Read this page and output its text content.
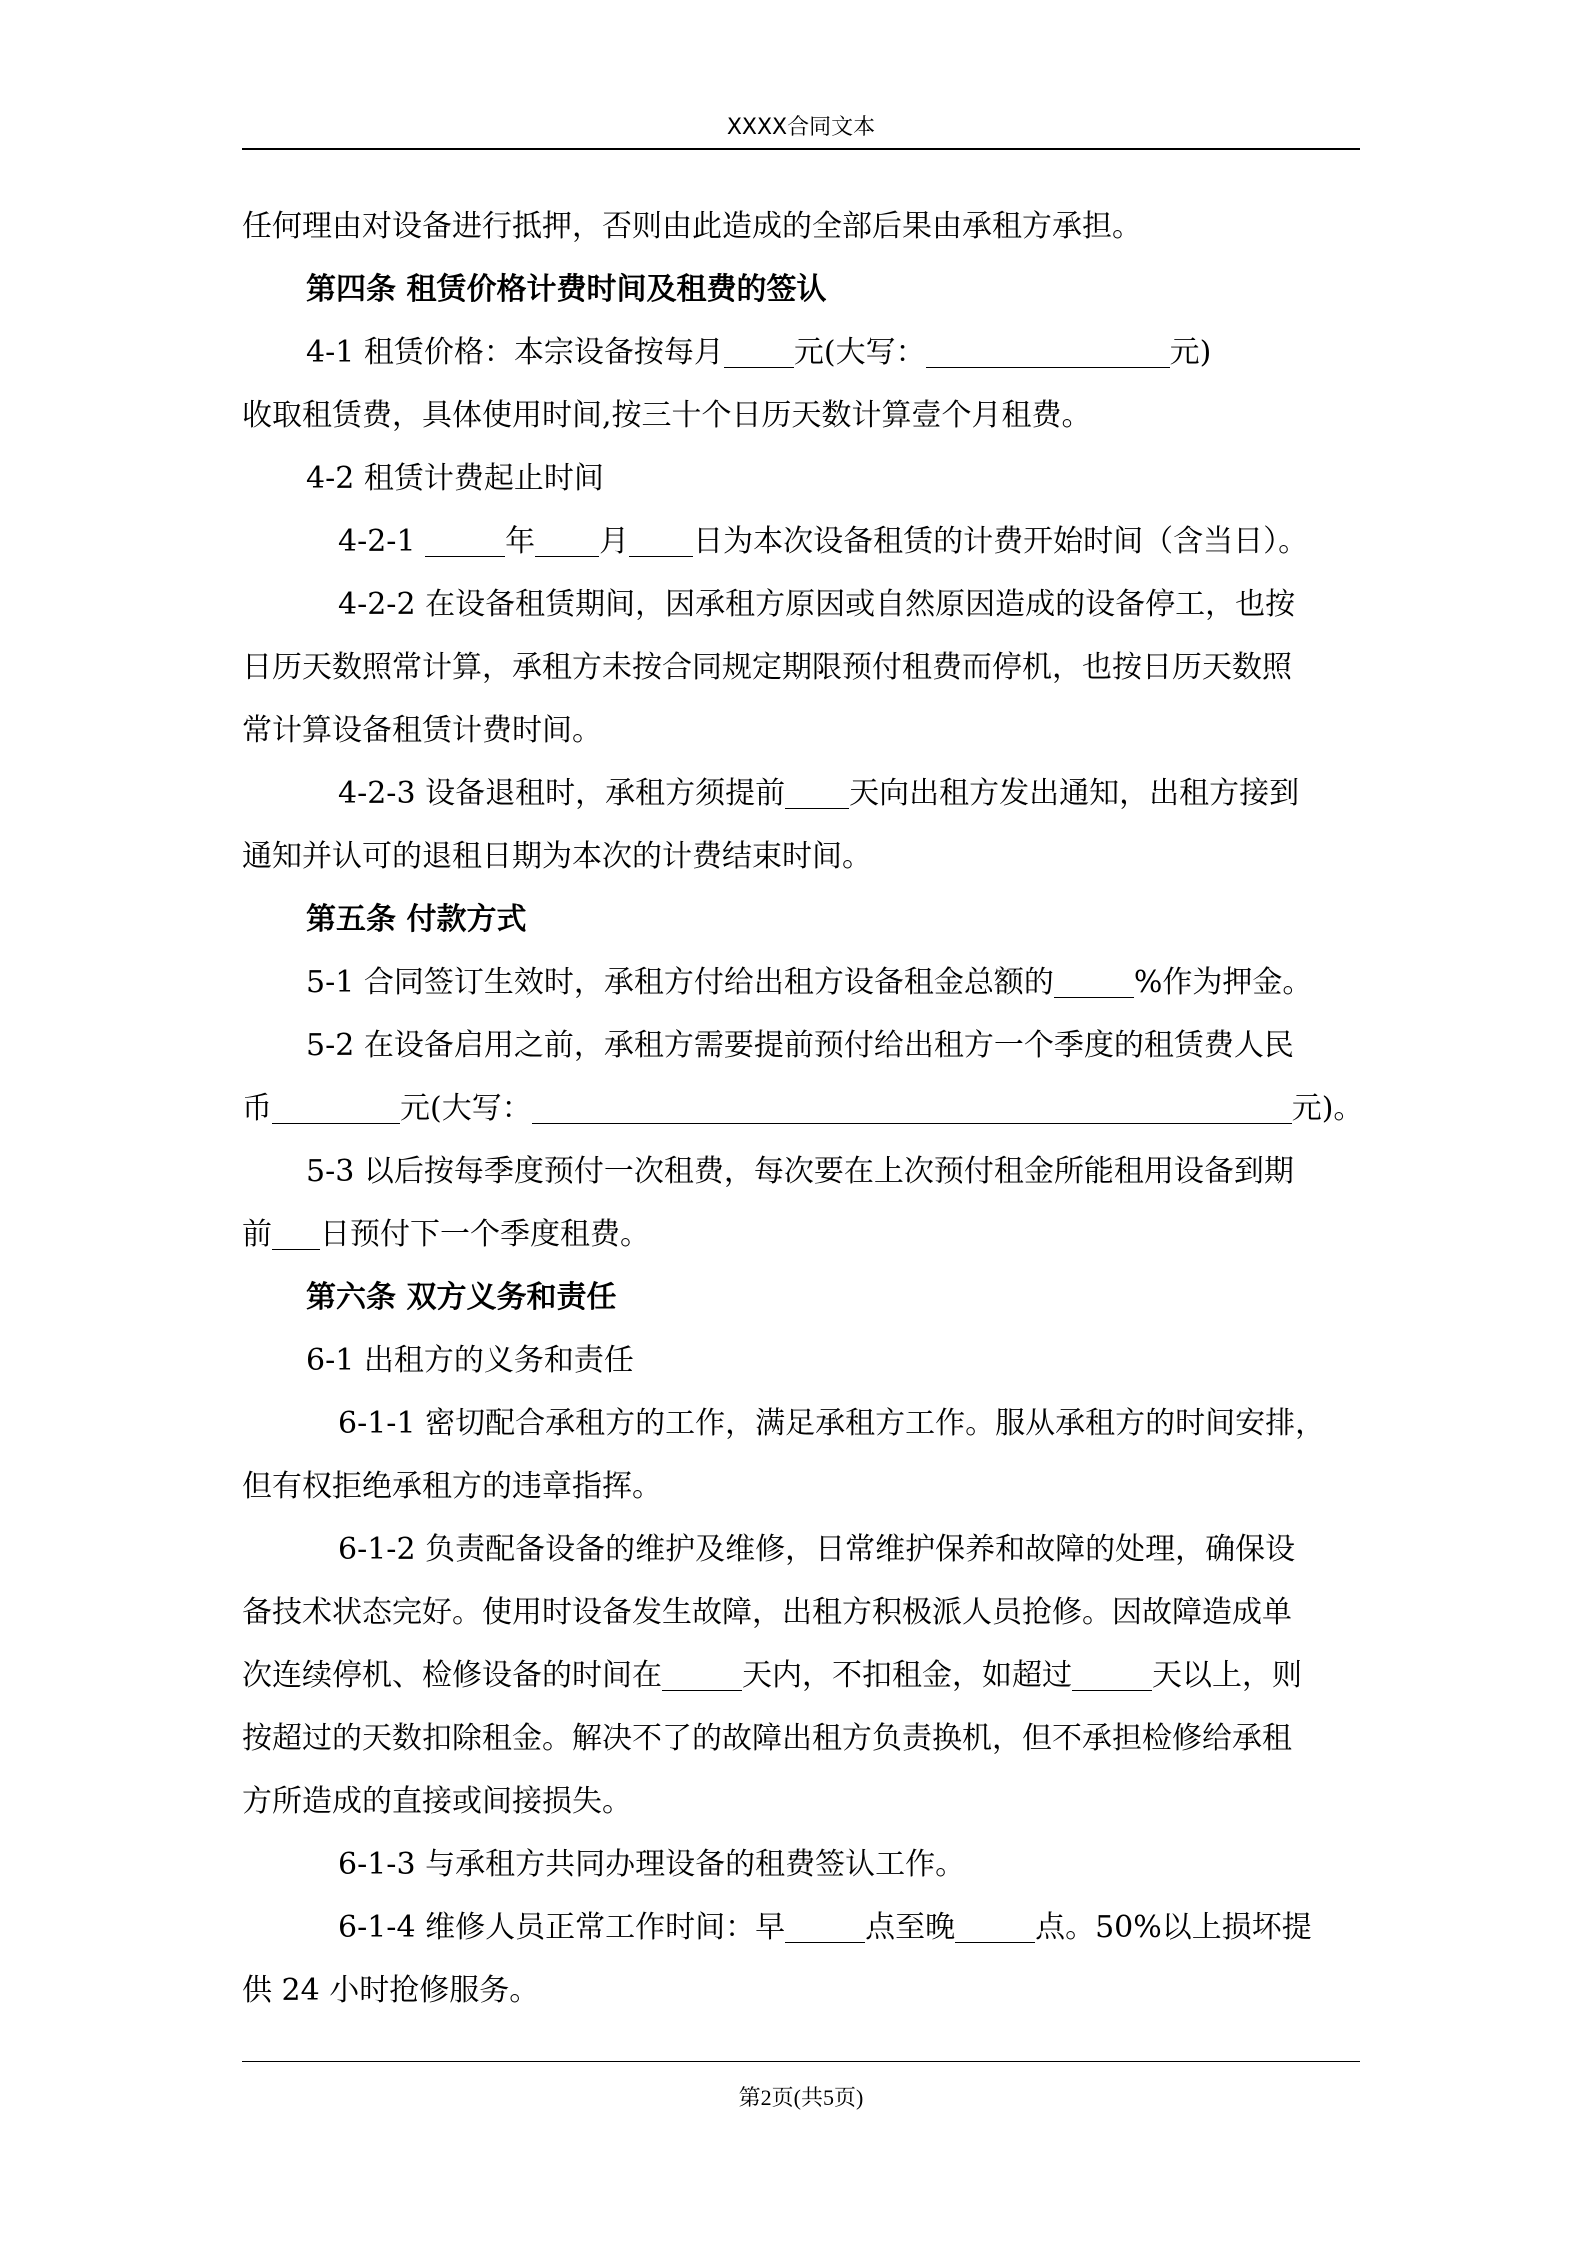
XXXX合同文本
任何理由对设备进行抵押，否则由此造成的全部后果由承租方承担。
第四条 租赁价格计费时间及租费的签认
4-1 租赁价格：本宗设备按每月 元(大写：	元)
收取租赁费，具体使用时间,按三十个日历天数计算壹个月租费。
4-2 租赁计费起止时间
4-2-1	年 月 日为本次设备租赁的计费开始时间（含当日）。
4-2-2 在设备租赁期间，因承租方原因或自然原因造成的设备停工，也按
日历天数照常计算，承租方未按合同规定期限预付租费而停机，也按日历天数照
常计算设备租赁计费时间。
4-2-3 设备退租时，承租方须提前 天向出租方发出通知，出租方接到
通知并认可的退租日期为本次的计费结束时间。
第五条 付款方式
5-1 合同签订生效时，承租方付给出租方设备租金总额的	%作为押金。
5-2 在设备启用之前，承租方需要提前预付给出租方一个季度的租赁费人民
币	元(大写：	元)。
5-3 以后按每季度预付一次租费，每次要在上次预付租金所能租用设备到期
前 日预付下一个季度租费。
第六条 双方义务和责任
6-1 出租方的义务和责任
6-1-1 密切配合承租方的工作，满足承租方工作。服从承租方的时间安排，
但有权拒绝承租方的违章指挥。
6-1-2 负责配备设备的维护及维修，日常维护保养和故障的处理，确保设
备技术状态完好。使用时设备发生故障，出租方积极派人员抢修。因故障造成单
次连续停机、检修设备的时间在	天内，不扣租金，如超过	天以上，则
按超过的天数扣除租金。解决不了的故障出租方负责换机，但不承担检修给承租
方所造成的直接或间接损失。
6-1-3 与承租方共同办理设备的租费签认工作。
6-1-4 维修人员正常工作时间：早	点至晚	点。50%以上损坏提
供 24 小时抢修服务。
第2页(共5页)
